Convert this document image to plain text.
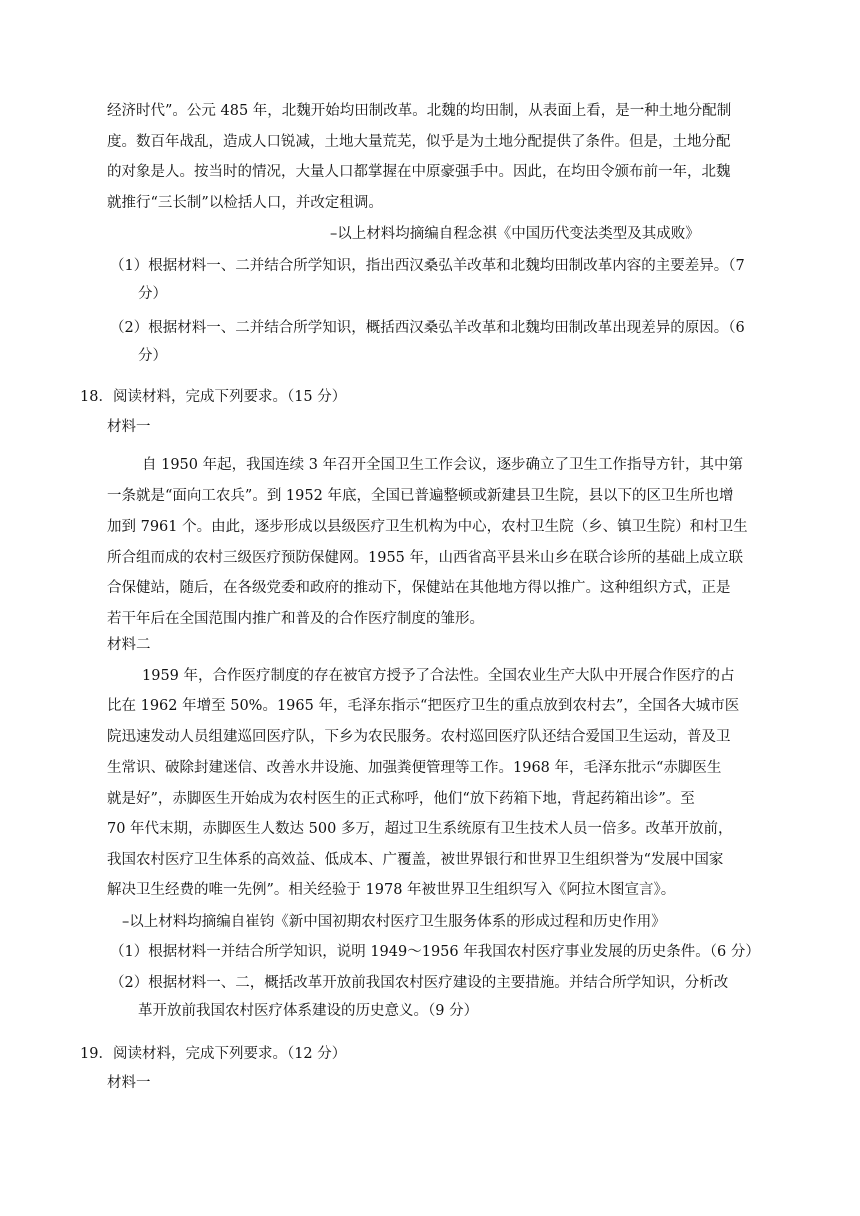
经济时代”。公元 485 年，北魏开始均田制改革。北魏的均田制，从表面上看，是一种土地分配制
度。数百年战乱，造成人口锐减，土地大量荒芜，似乎是为土地分配提供了条件。但是，土地分配
的对象是人。按当时的情况，大量人口都掌握在中原豪强手中。因此，在均田令颁布前一年，北魏
就推行“三长制”以检括人口，并改定租调。
–以上材料均摘编自程念祺《中国历代变法类型及其成败》
（1）根据材料一、二并结合所学知识，指出西汉桑弘羊改革和北魏均田制改革内容的主要差异。（7
分）
（2）根据材料一、二并结合所学知识，概括西汉桑弘羊改革和北魏均田制改革出现差异的原因。（6
分）
18．阅读材料，完成下列要求。（15 分）
材料一
自 1950 年起，我国连续 3 年召开全国卫生工作会议，逐步确立了卫生工作指导方针，其中第
一条就是“面向工农兵”。到 1952 年底，全国已普遍整顿或新建县卫生院，县以下的区卫生所也增
加到 7961 个。由此，逐步形成以县级医疗卫生机构为中心，农村卫生院（乡、镇卫生院）和村卫生
所合组而成的农村三级医疗预防保健网。1955 年，山西省高平县米山乡在联合诊所的基础上成立联
合保健站，随后，在各级党委和政府的推动下，保健站在其他地方得以推广。这种组织方式，正是
若干年后在全国范围内推广和普及的合作医疗制度的雏形。
材料二
1959 年，合作医疗制度的存在被官方授予了合法性。全国农业生产大队中开展合作医疗的占
比在 1962 年增至 50%。1965 年，毛泽东指示“把医疗卫生的重点放到农村去”，全国各大城市医
院迅速发动人员组建巡回医疗队，下乡为农民服务。农村巡回医疗队还结合爱国卫生运动，普及卫
生常识、破除封建迷信、改善水井设施、加强粪便管理等工作。1968 年，毛泽东批示“赤脚医生
就是好”，赤脚医生开始成为农村医生的正式称呼，他们“放下药箱下地，背起药箱出诊”。至
70 年代末期，赤脚医生人数达 500 多万，超过卫生系统原有卫生技术人员一倍多。改革开放前，
我国农村医疗卫生体系的高效益、低成本、广覆盖，被世界银行和世界卫生组织誉为“发展中国家
解决卫生经费的唯一先例”。相关经验于 1978 年被世界卫生组织写入《阿拉木图宣言》。
–以上材料均摘编自崔钧《新中国初期农村医疗卫生服务体系的形成过程和历史作用》
（1）根据材料一并结合所学知识，说明 1949～1956 年我国农村医疗事业发展的历史条件。（6 分）
（2）根据材料一、二，概括改革开放前我国农村医疗建设的主要措施。并结合所学知识，分析改
革开放前我国农村医疗体系建设的历史意义。（9 分）
19．阅读材料，完成下列要求。（12 分）
材料一
